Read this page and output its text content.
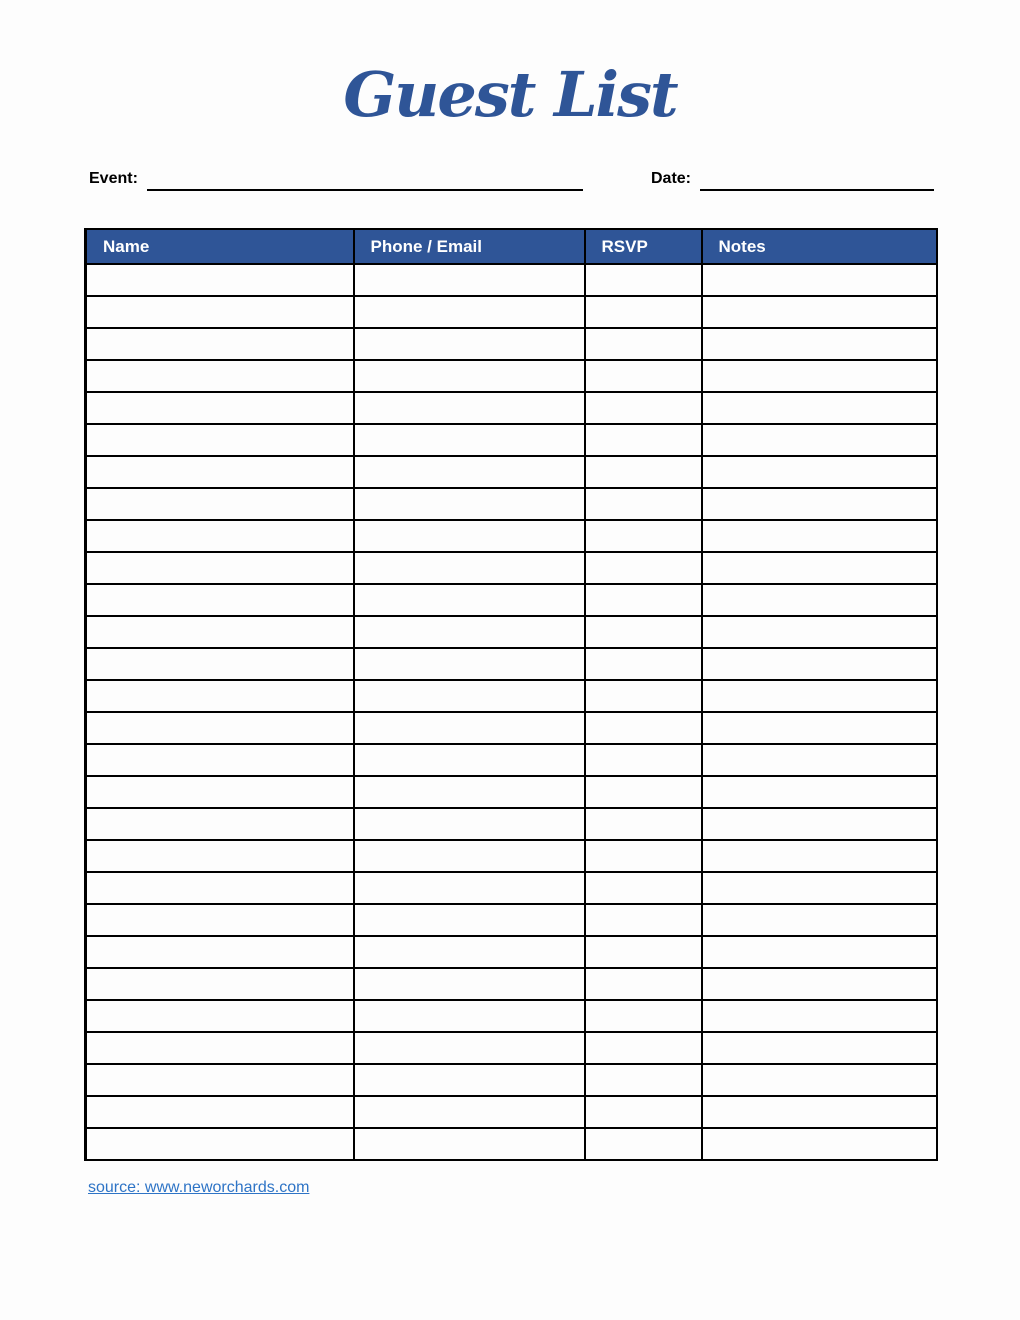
Guest List
Event:	Date:
Name	Phone / Email	RSVP	Notes

source: www.neworchards.com
